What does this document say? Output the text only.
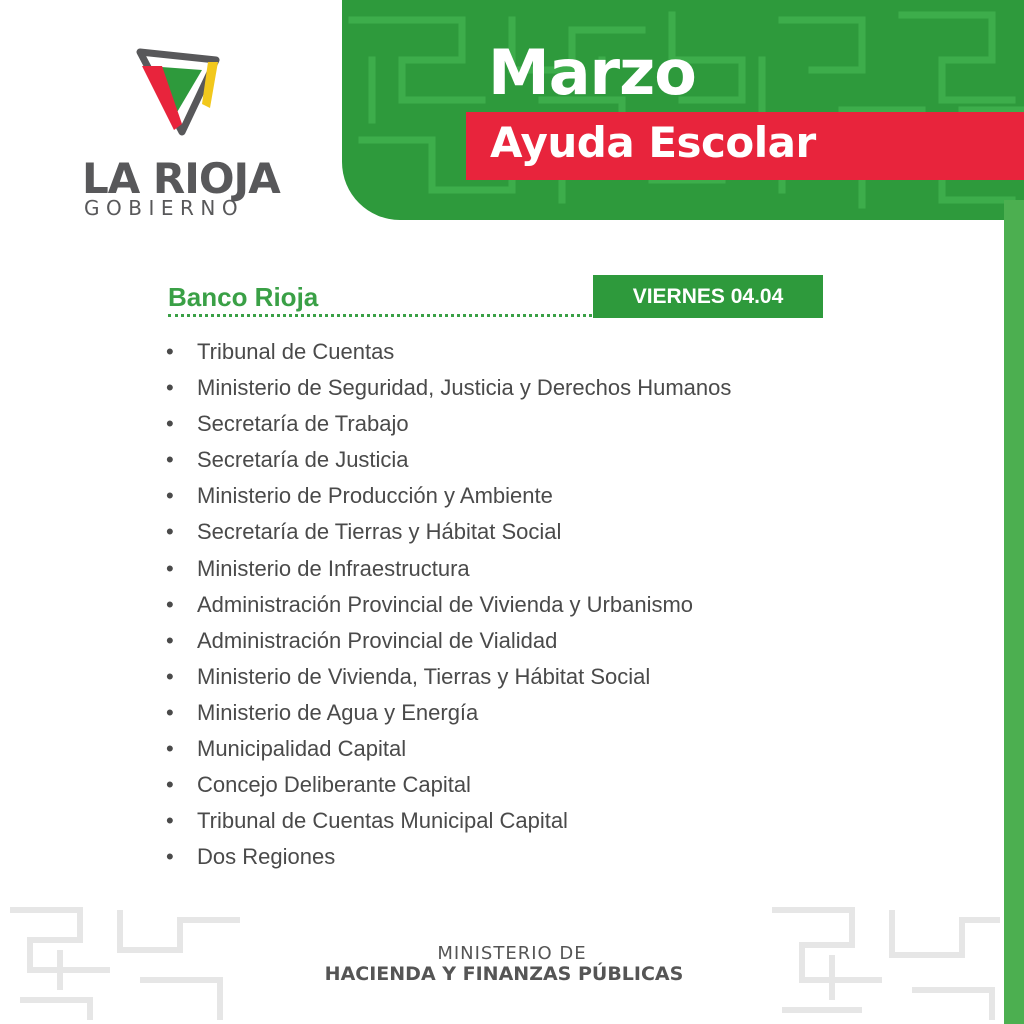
Marzo
Ayuda Escolar
LA RIOJA
GOBIERNO
Banco Rioja	VIERNES 04.04
• Tribunal de Cuentas
• Ministerio de Seguridad, Justicia y Derechos Humanos
• Secretaría de Trabajo
• Secretaría de Justicia
• Ministerio de Producción y Ambiente
• Secretaría de Tierras y Hábitat Social
• Ministerio de Infraestructura
• Administración Provincial de Vivienda y Urbanismo
• Administración Provincial de Vialidad
• Ministerio de Vivienda, Tierras y Hábitat Social
• Ministerio de Agua y Energía
• Municipalidad Capital
• Concejo Deliberante Capital
• Tribunal de Cuentas Municipal Capital
• Dos Regiones
MINISTERIO DE
HACIENDA Y FINANZAS PÚBLICAS
